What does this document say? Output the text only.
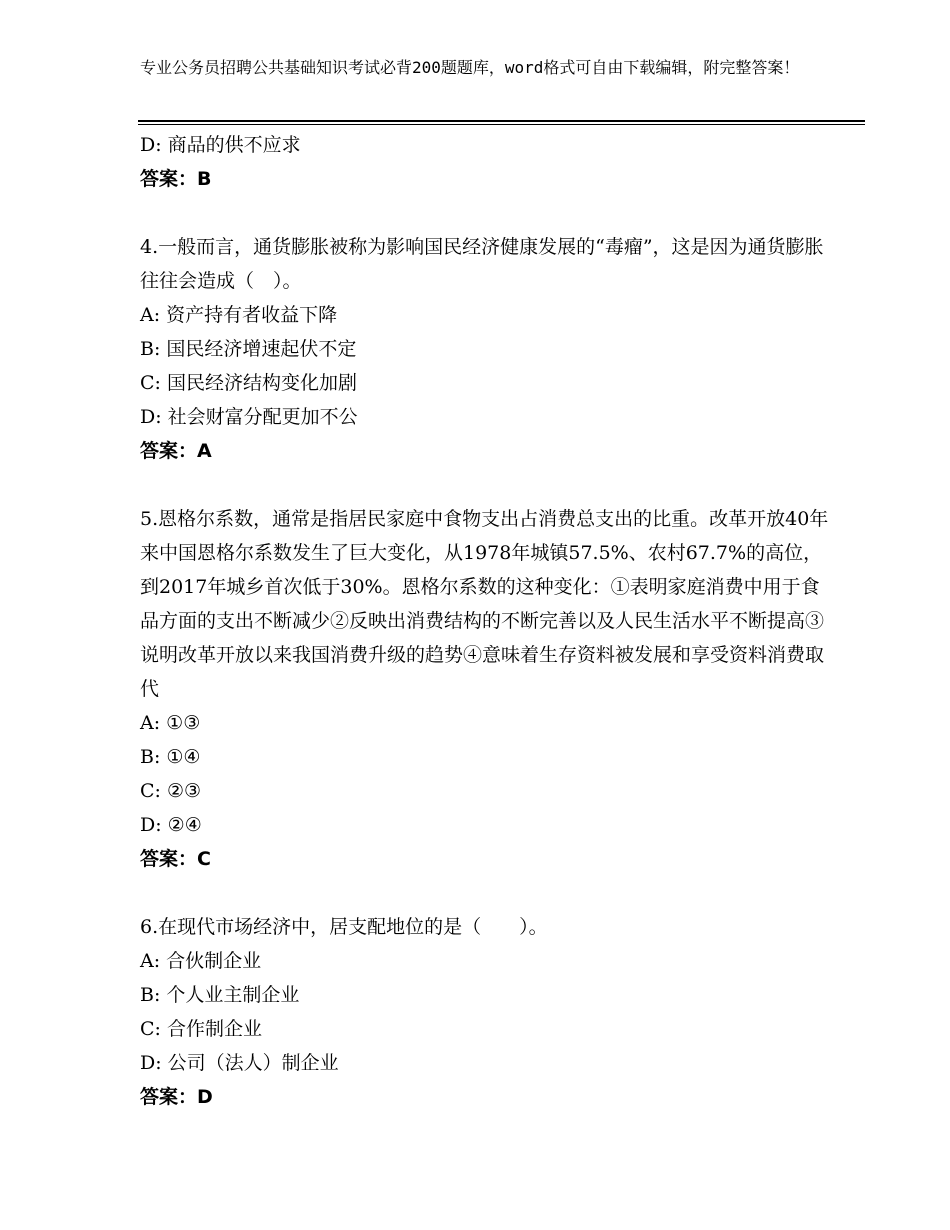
专业公务员招聘公共基础知识考试必背200题题库，word格式可自由下载编辑，附完整答案！
D: 商品的供不应求
答案：B
4.一般而言，通货膨胀被称为影响国民经济健康发展的“毒瘤”，这是因为通货膨胀往往会造成（　）。
A: 资产持有者收益下降
B: 国民经济增速起伏不定
C: 国民经济结构变化加剧
D: 社会财富分配更加不公
答案：A
5.恩格尔系数，通常是指居民家庭中食物支出占消费总支出的比重。改革开放40年来中国恩格尔系数发生了巨大变化，从1978年城镇57.5%、农村67.7%的高位，到2017年城乡首次低于30%。恩格尔系数的这种变化：①表明家庭消费中用于食品方面的支出不断减少②反映出消费结构的不断完善以及人民生活水平不断提高③说明改革开放以来我国消费升级的趋势④意味着生存资料被发展和享受资料消费取代
A: ①③
B: ①④
C: ②③
D: ②④
答案：C
6.在现代市场经济中，居支配地位的是（　　）。
A: 合伙制企业
B: 个人业主制企业
C: 合作制企业
D: 公司（法人）制企业
答案：D
